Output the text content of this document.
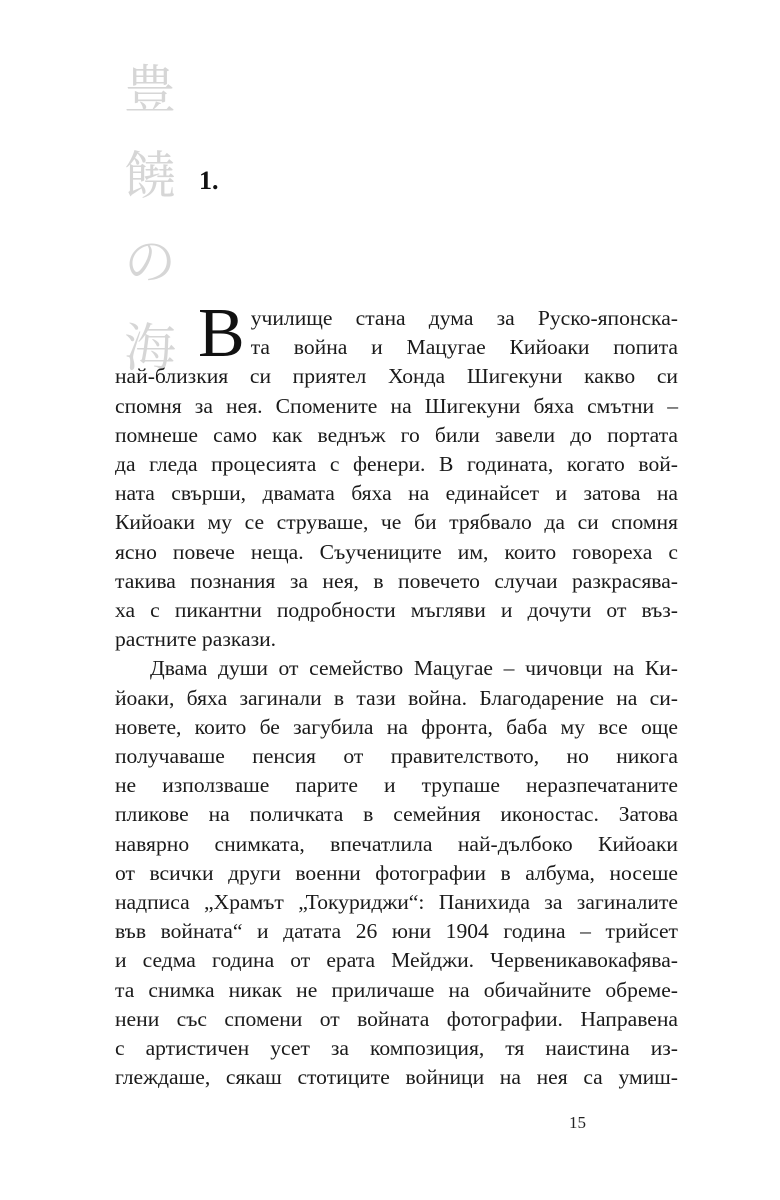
豊
饒
の
海
1.

В училище стана дума за Руско-японска-
та война и Мацугае Кийоаки попита
най-близкия си приятел Хонда Шигекуни какво си
спомня за нея. Спомените на Шигекуни бяха смътни –
помнеше само как веднъж го били завели до портата
да гледа процесията с фенери. В годината, когато вой-
ната свърши, двамата бяха на единайсет и затова на
Кийоаки му се струваше, че би трябвало да си спомня
ясно повече неща. Съучениците им, които говореха с
такива познания за нея, в повечето случаи разкрасява-
ха с пикантни подробности мъгляви и дочути от въз-
растните разкази.

Двама души от семейство Мацугае – чичовци на Ки-
йоаки, бяха загинали в тази война. Благодарение на си-
новете, които бе загубила на фронта, баба му все още
получаваше пенсия от правителството, но никога
не използваше парите и трупаше неразпечатаните
пликове на поличката в семейния иконостас. Затова
навярно снимката, впечатлила най-дълбоко Кийоаки
от всички други военни фотографии в албума, носеше
надписа „Храмът „Токуриджи“: Панихида за загиналите
във войната“ и датата 26 юни 1904 година – трийсет
и седма година от ерата Мейджи. Червеникавокафява-
та снимка никак не приличаше на обичайните обреме-
нени със спомени от войната фотографии. Направена
с артистичен усет за композиция, тя наистина из-
глеждаше, сякаш стотиците войници на нея са умиш-

15
